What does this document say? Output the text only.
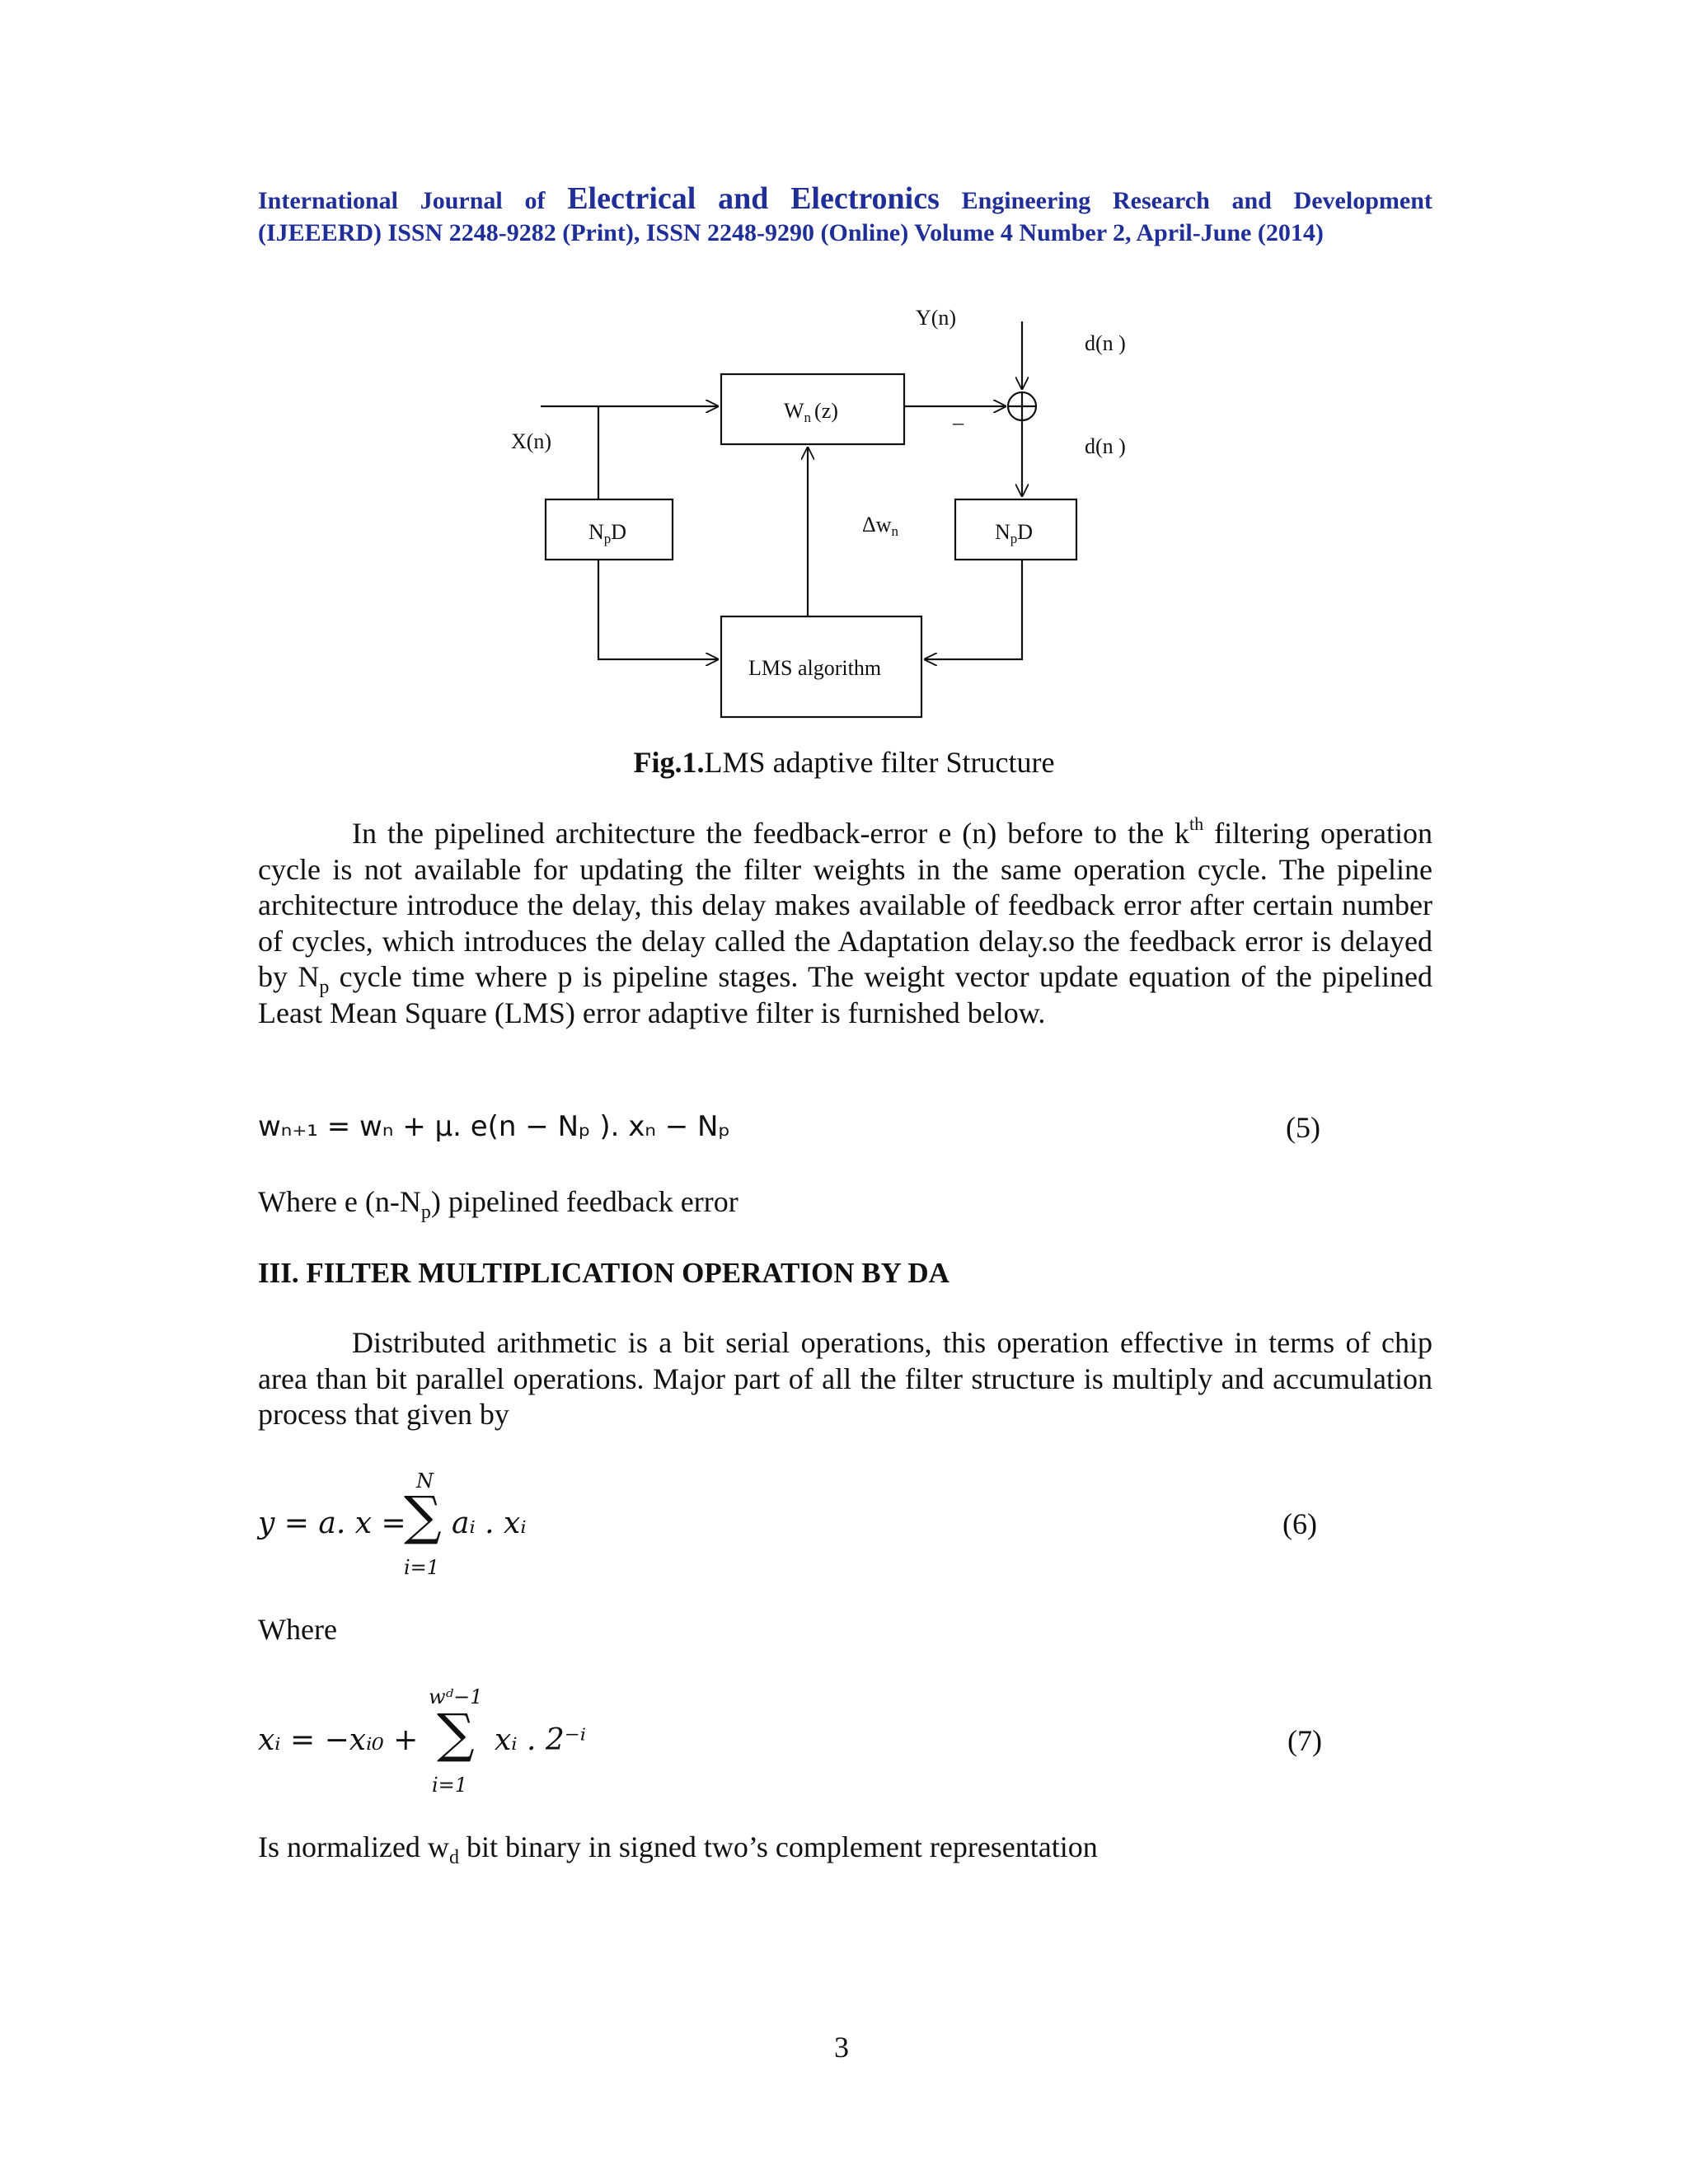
International Journal of Electrical and Electronics Engineering Research and Development
(IJEEERD) ISSN 2248-9282 (Print), ISSN 2248-9290 (Online) Volume 4 Number 2, April-June (2014)
X(n)
Y(n)
d(n )
d(n )
_
Wn (z)
NpD	NpD
Δwn
LMS algorithm
Fig.1.LMS adaptive filter Structure
In the pipelined architecture the feedback-error e (n) before to the $k^{th}$ filtering operation cycle is not available for updating the filter weights in the same operation cycle. The pipeline architecture introduce the delay, this delay makes available of feedback error after certain number of cycles, which introduces the delay called the Adaptation delay.so the feedback error is delayed by $N_p$ cycle time where p is pipeline stages. The weight vector update equation of the pipelined Least Mean Square (LMS) error adaptive filter is furnished below.
wₙ₊₁ = wₙ + μ. e(n − Nₚ ). xₙ − Nₚ	(5)
Where e $(n-N_p)$ pipelined feedback error
III. FILTER MULTIPLICATION OPERATION BY DA
Distributed arithmetic is a bit serial operations, this operation effective in terms of chip area than bit parallel operations. Major part of all the filter structure is multiply and accumulation process that given by
y = a. x =
N
∑
i=1
aᵢ . xᵢ	(6)
Where
xᵢ = −xᵢ₀ +
wᵈ−1
∑
i=1
xᵢ . 2⁻ⁱ	(7)
Is normalized $w_d$ bit binary in signed two’s complement representation
3
